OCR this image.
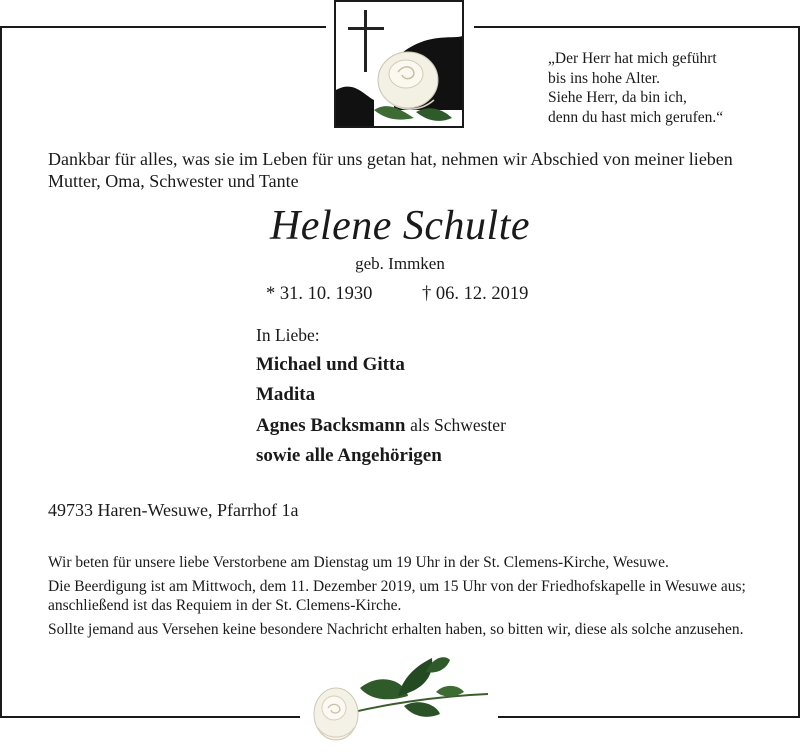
„Der Herr hat mich geführt
bis ins hohe Alter.
Siehe Herr, da bin ich,
denn du hast mich gerufen.“
Dankbar für alles, was sie im Leben für uns getan hat, nehmen wir Abschied von meiner lieben Mutter, Oma, Schwester und Tante
Helene Schulte
geb. Immken
* 31. 10. 1930	† 06. 12. 2019
In Liebe:
Michael und Gitta
Madita
Agnes Backsmann als Schwester
sowie alle Angehörigen
49733 Haren-Wesuwe, Pfarrhof 1a
Wir beten für unsere liebe Verstorbene am Dienstag um 19 Uhr in der St. Clemens-Kirche, Wesuwe.
Die Beerdigung ist am Mittwoch, dem 11. Dezember 2019, um 15 Uhr von der Friedhofskapelle in Wesuwe aus; anschließend ist das Requiem in der St. Clemens-Kirche.
Sollte jemand aus Versehen keine besondere Nachricht erhalten haben, so bitten wir, diese als solche anzusehen.
